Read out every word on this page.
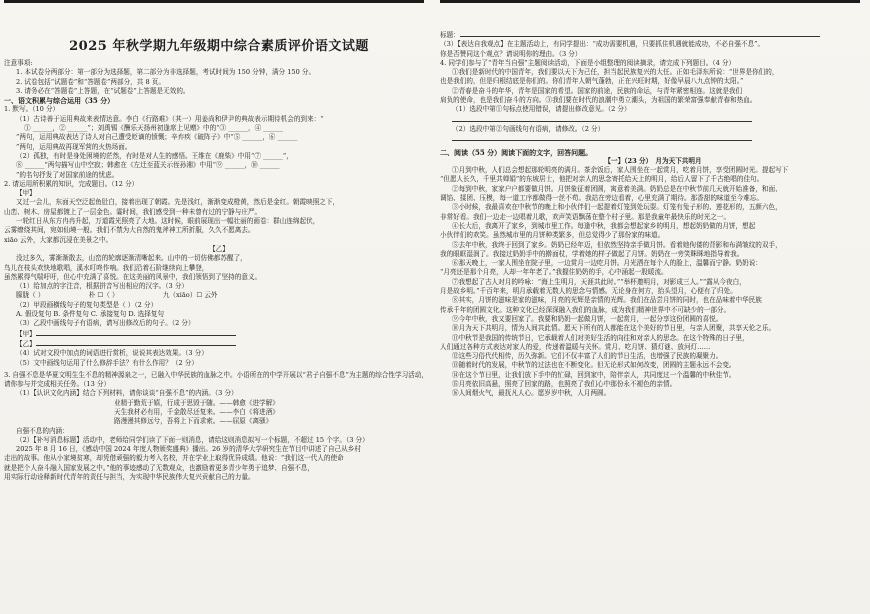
2025 年秋学期九年级期中综合素质评价语文试题
注意事项:
1. 本试卷分两部分：第一部分为选择题，第二部分为非选择题，考试时间为 150 分钟，满分 150 分。
2. 试卷包括“试题卷”和“答题卷”两部分，共 8 页。
3. 请务必在“答题卷”上答题，在“试题卷”上答题是无效的。
一、语文积累与综合运用（35 分）
1. 默写。（10 分）
（1）古诗善于运用典故来表情达意。李白《行路难》（其一）用姜尚和伊尹的典故表示期待机会的到来：“
① ______，② ______”；刘禹锡《酬乐天扬州初逢席上见赠》中的“③ ______，④ ______
”两句，运用典故表达了诗人对自己遭受贬谪的愤慨；辛弃疾《破阵子》中“⑤ ______，⑥ ______
”两句，运用典故再现军营的火热场面。
（2）孤独，有时是身处困境的茫然，有时是对人生的感悟。王维在《鹿柴》中用“⑦ ______”，
⑧ ______”两句描写山中空寂；韩愈在《左迁至蓝关示侄孙湘》中用“⑨ ______，⑩ ______
”的名句抒发了对国家前途的忧虑。
2. 请运用所积累的知识，完成题目。（12 分）
【甲】
又过一会儿，东面天空泛起鱼肚白，接着出现了朝霞。先是浅红，渐渐变成橙黄，然后是金红。朝霞映照之下，
山峦、树木、房屋都镀上了一层金色。霎时间，我们感受到一种未曾有过的宁静与庄严。
一轮红日从东方冉冉升起，万道霞光照亮了大地。这时候，眼前展现出一幅壮丽的画卷：群山连绵起伏，
云雾缭绕其间，宛如仙境一般。我们不禁为大自然的鬼斧神工所折服，久久不愿离去。
xiāo 云外，大家都沉浸在美景之中。
【乙】
没过多久，雾渐渐散去，山峦的轮廓逐渐清晰起来。山中的一切仿佛都苏醒了，
鸟儿在枝头欢快地歌唱，溪水叮咚作响。我们沿着石阶继续向上攀登，
虽然累得气喘吁吁，但心中充满了喜悦。在这美丽的风景中，我们领悟到了坚持的意义。
（1）给加点的字注音，根据拼音写出相应的汉字。（3 分）
朦胧（ ）	朴 ☐（ ）	九（xiāo）☐ 云外
（2）甲段画横线句子的复句类型是（ ）（2 分）
A. 假设复句 B. 条件复句 C. 承接复句 D. 选择复句
（3）乙段中画线句子有语病，请写出修改后的句子。（2 分）
【甲】
【乙】
（4）试对文段中加点的词语进行赏析，说说其表达效果。（3 分）
（5）文中画线句运用了什么修辞手法？有什么作用？（2 分）
3. 自强不息是华夏文明生生不息的精神源泉之一，已融入中华民族的血脉之中。小语所在的中学开展以“君子自强不息”为主题的综合性学习活动，请你参与并完成相关任务。（13 分）
（1）【认识文化内涵】结合下列材料，请你谈谈“自强不息”的内涵。（3 分）
业精于勤荒于嬉，行成于思毁于随。——韩愈《进学解》
天生我材必有用，千金散尽还复来。——李白《将进酒》
路漫漫其修远兮，吾将上下而求索。——屈原《离骚》
自强不息的内涵：
（2）【补写消息标题】活动中，老师给同学们读了下面一则消息，请给这则消息拟写一个标题，不超过 15 个字。（3 分）
2025 年 8 月 16 日，《感动中国 2024 年度人物颁奖盛典》播出。26 岁的清华大学研究生在节目中讲述了自己从乡村
走出的故事。他从小家境贫寒，却凭借顽强的毅力考入名校，并在学业上取得优异成绩。他说：“我们这一代人的使命
就是把个人奋斗融入国家发展之中。”他的事迹感动了无数观众，也激励着更多青少年勇于追梦、自强不息，
用实际行动诠释新时代青年的责任与担当，为实现中华民族伟大复兴贡献自己的力量。
标题：
（3）【表达自我观点】在主题活动上，有同学提出：“成功需要机遇，只要抓住机遇就能成功，不必自强不息”。
你是否赞同这个观点？请说明你的理由。（3 分）
4. 同学们参与了“青年当自强”主题阅读活动，下面是小组整理的阅读摘录，请完成下列题目。（4 分）
①我们是新时代的中国青年，我们要以天下为己任，担当起民族复兴的大任。正如毛泽东所说：“世界是你们的，
也是我们的，但是归根结底是你们的。你们青年人朝气蓬勃，正在兴旺时期，好像早晨八九点钟的太阳。”
②青春是奋斗的年华，青年是国家的希望。国家的前途，民族的命运，与青年紧密相连。这就是我们
肩负的使命，也是我们奋斗的方向。③我们要在时代的浪潮中勇立潮头，为祖国的繁荣富强奉献青春和热血。
（1）选段中第①句标点使用错误，请提出修改意见。（2 分）
（2）选段中第②句画线句有语病，请修改。（2 分）
二、阅读（55 分）阅读下面的文字，回答问题。
【一】（23 分）　月为天下共明月
①月到中秋，人们总会想起那轮明亮的满月。茶余饭后，家人围坐在一起赏月，吃着月饼，享受团圆时光。提起写下
“但愿人长久，千里共婵娟”的东坡居士，他把对亲人的思念寄托给天上的明月，给后人留下了千古绝唱的佳句。
②每到中秋，家家户户都要做月饼。月饼象征着团圆，寓意着美满。奶奶总是在中秋节前几天就开始准备，和面、
调馅、揉团、压模，每一道工序都做得一丝不苟。我站在旁边看着，心里充满了期待。那香甜的味道至今难忘。
③小时候，我最喜欢在中秋节的晚上和小伙伴们一起提着灯笼到处玩耍。灯笼有兔子形的、莲花形的，五颜六色，
非常好看。我们一边走一边唱着儿歌，欢声笑语飘荡在整个村子里。那是我童年最快乐的时光之一。
④长大后，我离开了家乡，到城市里工作。每逢中秋，我都会想起家乡的明月，想起奶奶做的月饼，想起
小伙伴们的欢笑。虽然城市里的月饼种类繁多，但总觉得少了那份家的味道。
⑤去年中秋，我终于回到了家乡。奶奶已经年迈，但依然坚持亲手做月饼。看着她佝偻的背影和布满皱纹的双手，
我的眼眶湿润了。我接过奶奶手中的擀面杖，学着她的样子做起了月饼。奶奶在一旁笑眯眯地指导着我。
⑥那天晚上，一家人围坐在院子里，一边赏月一边吃月饼。月光洒在每个人的脸上，温馨而宁静。奶奶说：
“月亮还是那个月亮，人却一年年老了。”我握住奶奶的手，心中涌起一股暖流。
⑦我想起了古人对月的吟咏：“海上生明月，天涯共此时。”“举杯邀明月，对影成三人。”“露从今夜白，
月是故乡明。”千百年来，明月承载着无数人的思念与情感。无论身在何方，抬头望月，心便有了归处。
⑧其实，月饼的滋味是家的滋味，月亮的光辉是亲情的光辉。我们在品尝月饼的同时，也在品味着中华民族
传承千年的团圆文化。这种文化已经深深融入我们的血脉，成为我们精神世界中不可缺少的一部分。
⑨今年中秋，我又要回家了。我要和奶奶一起做月饼，一起赏月，一起分享这份团圆的喜悦。
⑩月为天下共明月，情为人间共此情。愿天下所有的人都能在这个美好的节日里，与亲人团聚，共享天伦之乐。
⑪中秋节是我国的传统节日，它承载着人们对美好生活的向往和对亲人的思念。在这个特殊的日子里，
人们通过各种方式表达对家人的爱，传递着温暖与关怀。赏月、吃月饼、猜灯谜、放河灯……
⑫这些习俗代代相传，历久弥新。它们不仅丰富了人们的节日生活，也增强了民族的凝聚力。
⑬随着时代的发展，中秋节的过法也在不断变化。但无论形式如何改变，团圆的主题永远不会变。
⑭在这个节日里，让我们放下手中的忙碌，回到家中，陪伴亲人，共同度过一个温馨的中秋佳节。
⑮月亮依旧高悬，照亮了回家的路，也照亮了我们心中那份永不褪色的亲情。
⑯人间烟火气，最抚凡人心。愿岁岁中秋，人月两圆。
